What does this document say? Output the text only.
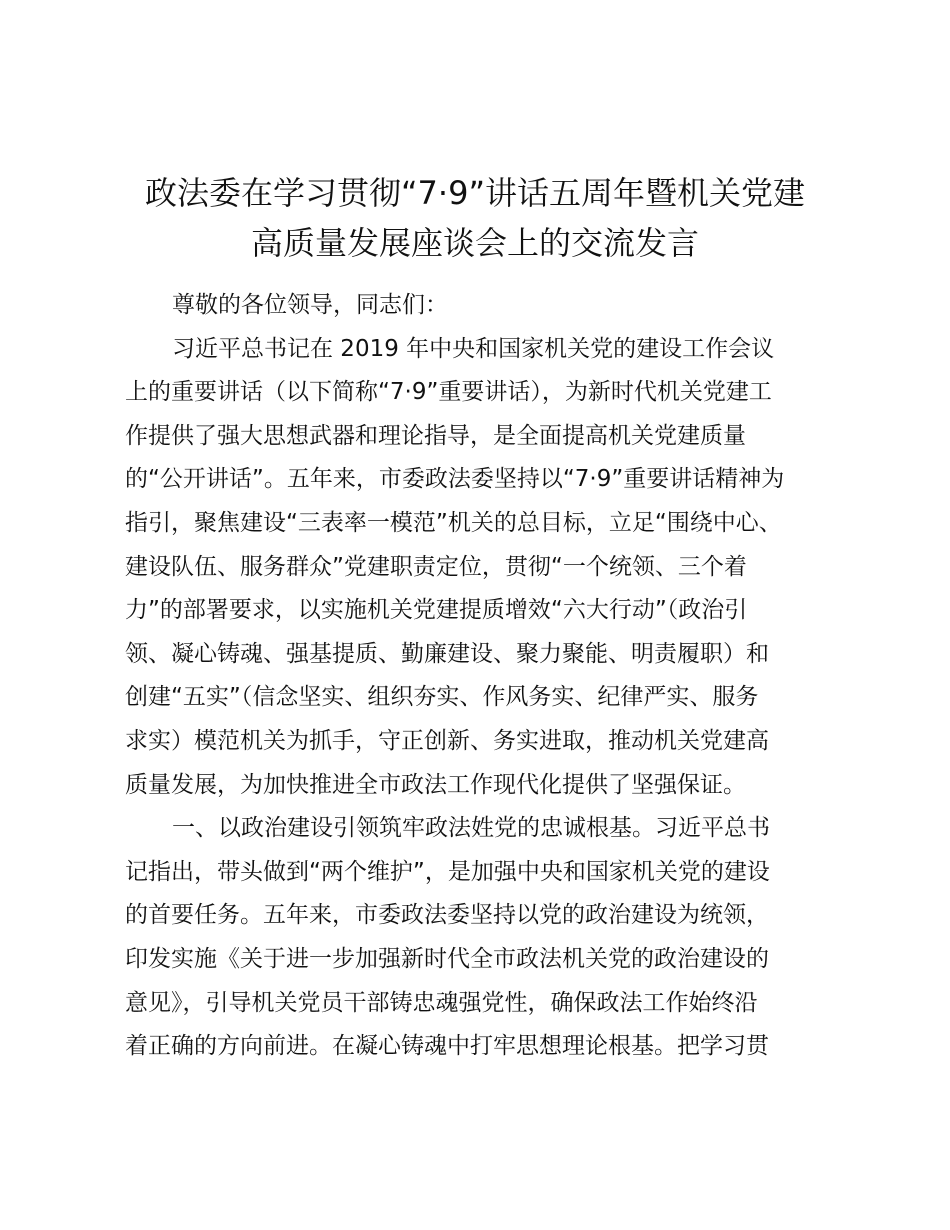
政法委在学习贯彻“7·9”讲话五周年暨机关党建
高质量发展座谈会上的交流发言
尊敬的各位领导，同志们：
习近平总书记在 2019 年中央和国家机关党的建设工作会议
上的重要讲话（以下简称“7·9”重要讲话），为新时代机关党建工
作提供了强大思想武器和理论指导，是全面提高机关党建质量
的“公开讲话”。五年来，市委政法委坚持以“7·9”重要讲话精神为
指引，聚焦建设“三表率一模范”机关的总目标，立足“围绕中心、
建设队伍、服务群众”党建职责定位，贯彻“一个统领、三个着
力”的部署要求，以实施机关党建提质增效“六大行动”（政治引
领、凝心铸魂、强基提质、勤廉建设、聚力聚能、明责履职）和
创建“五实”（信念坚实、组织夯实、作风务实、纪律严实、服务
求实）模范机关为抓手，守正创新、务实进取，推动机关党建高
质量发展，为加快推进全市政法工作现代化提供了坚强保证。
一、以政治建设引领筑牢政法姓党的忠诚根基。习近平总书
记指出，带头做到“两个维护”，是加强中央和国家机关党的建设
的首要任务。五年来，市委政法委坚持以党的政治建设为统领，
印发实施《关于进一步加强新时代全市政法机关党的政治建设的
意见》，引导机关党员干部铸忠魂强党性，确保政法工作始终沿
着正确的方向前进。在凝心铸魂中打牢思想理论根基。把学习贯
